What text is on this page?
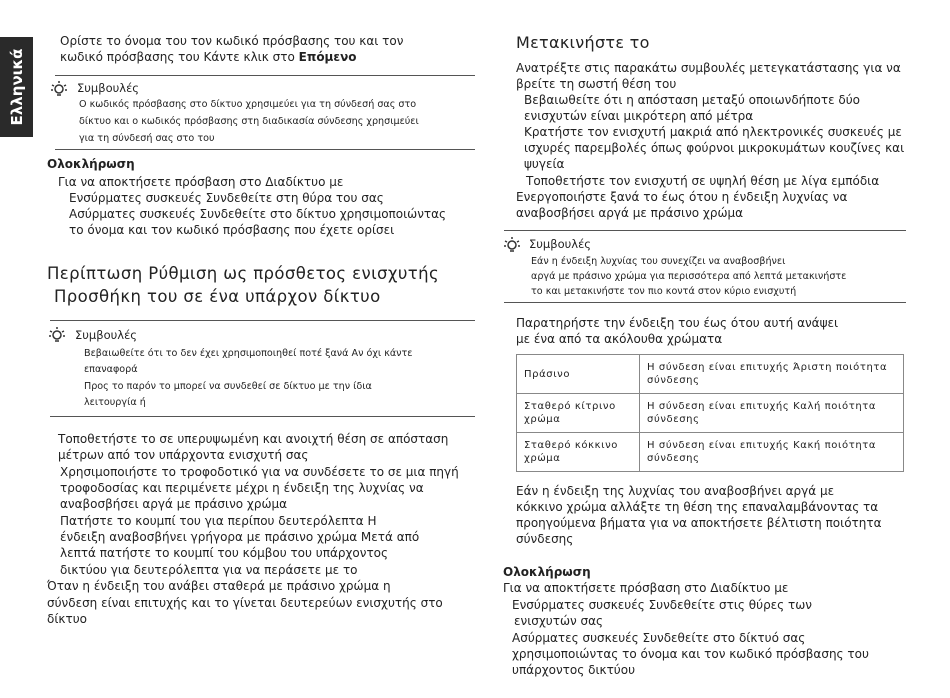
Ελληνικά
Ορίστε το όνομα του τον κωδικό πρόσβασης του και τον
κωδικό πρόσβασης του Κάντε κλικ στο Επόμενο
Συμβουλές
Ο κωδικός πρόσβασης στο δίκτυο χρησιμεύει για τη σύνδεσή σας στο
δίκτυο και ο κωδικός πρόσβασης στη διαδικασία σύνδεσης χρησιμεύει
για τη σύνδεσή σας στο του
Ολοκλήρωση
Για να αποκτήσετε πρόσβαση στο Διαδίκτυο με
Ενσύρματες συσκευές Συνδεθείτε στη θύρα του σας
Ασύρματες συσκευές Συνδεθείτε στο δίκτυο χρησιμοποιώντας
το όνομα και τον κωδικό πρόσβασης που έχετε ορίσει
Περίπτωση Ρύθμιση ως πρόσθετος ενισχυτής
Προσθήκη του σε ένα υπάρχον δίκτυο
Συμβουλές
Βεβαιωθείτε ότι το δεν έχει χρησιμοποιηθεί ποτέ ξανά Αν όχι κάντε
επαναφορά
Προς το παρόν το μπορεί να συνδεθεί σε δίκτυο με την ίδια
λειτουργία ή
Τοποθετήστε το σε υπερυψωμένη και ανοιχτή θέση σε απόσταση
μέτρων από τον υπάρχοντα ενισχυτή σας
Χρησιμοποιήστε το τροφοδοτικό για να συνδέσετε το σε μια πηγή
τροφοδοσίας και περιμένετε μέχρι η ένδειξη της λυχνίας να
αναβοσβήσει αργά με πράσινο χρώμα
Πατήστε το κουμπί του για περίπου δευτερόλεπτα Η
ένδειξη αναβοσβήνει γρήγορα με πράσινο χρώμα Μετά από
λεπτά πατήστε το κουμπί του κόμβου του υπάρχοντος
δικτύου για δευτερόλεπτα για να περάσετε με το
Όταν η ένδειξη του ανάβει σταθερά με πράσινο χρώμα η
σύνδεση είναι επιτυχής και το γίνεται δευτερεύων ενισχυτής στο
δίκτυο
Μετακινήστε το
Ανατρέξτε στις παρακάτω συμβουλές μετεγκατάστασης για να
βρείτε τη σωστή θέση του
Βεβαιωθείτε ότι η απόσταση μεταξύ οποιωνδήποτε δύο
ενισχυτών είναι μικρότερη από μέτρα
Κρατήστε τον ενισχυτή μακριά από ηλεκτρονικές συσκευές με
ισχυρές παρεμβολές όπως φούρνοι μικροκυμάτων κουζίνες και
ψυγεία
Τοποθετήστε τον ενισχυτή σε υψηλή θέση με λίγα εμπόδια
Ενεργοποιήστε ξανά το έως ότου η ένδειξη λυχνίας να
αναβοσβήσει αργά με πράσινο χρώμα
Συμβουλές
Εάν η ένδειξη λυχνίας του συνεχίζει να αναβοσβήνει
αργά με πράσινο χρώμα για περισσότερα από λεπτά μετακινήστε
το και μετακινήστε τον πιο κοντά στον κύριο ενισχυτή
Παρατηρήστε την ένδειξη του έως ότου αυτή ανάψει
με ένα από τα ακόλουθα χρώματα
Πράσινο	Η σύνδεση είναι επιτυχής Άριστη ποιότητα σύνδεσης
Σταθερό κίτρινο χρώμα	Η σύνδεση είναι επιτυχής Καλή ποιότητα σύνδεσης
Σταθερό κόκκινο χρώμα	Η σύνδεση είναι επιτυχής Κακή ποιότητα σύνδεσης
Εάν η ένδειξη της λυχνίας του αναβοσβήνει αργά με
κόκκινο χρώμα αλλάξτε τη θέση της επαναλαμβάνοντας τα
προηγούμενα βήματα για να αποκτήσετε βέλτιστη ποιότητα
σύνδεσης
Ολοκλήρωση
Για να αποκτήσετε πρόσβαση στο Διαδίκτυο με
Ενσύρματες συσκευές Συνδεθείτε στις θύρες των
ενισχυτών σας
Ασύρματες συσκευές Συνδεθείτε στο δίκτυό σας
χρησιμοποιώντας το όνομα και τον κωδικό πρόσβασης του
υπάρχοντος δικτύου
